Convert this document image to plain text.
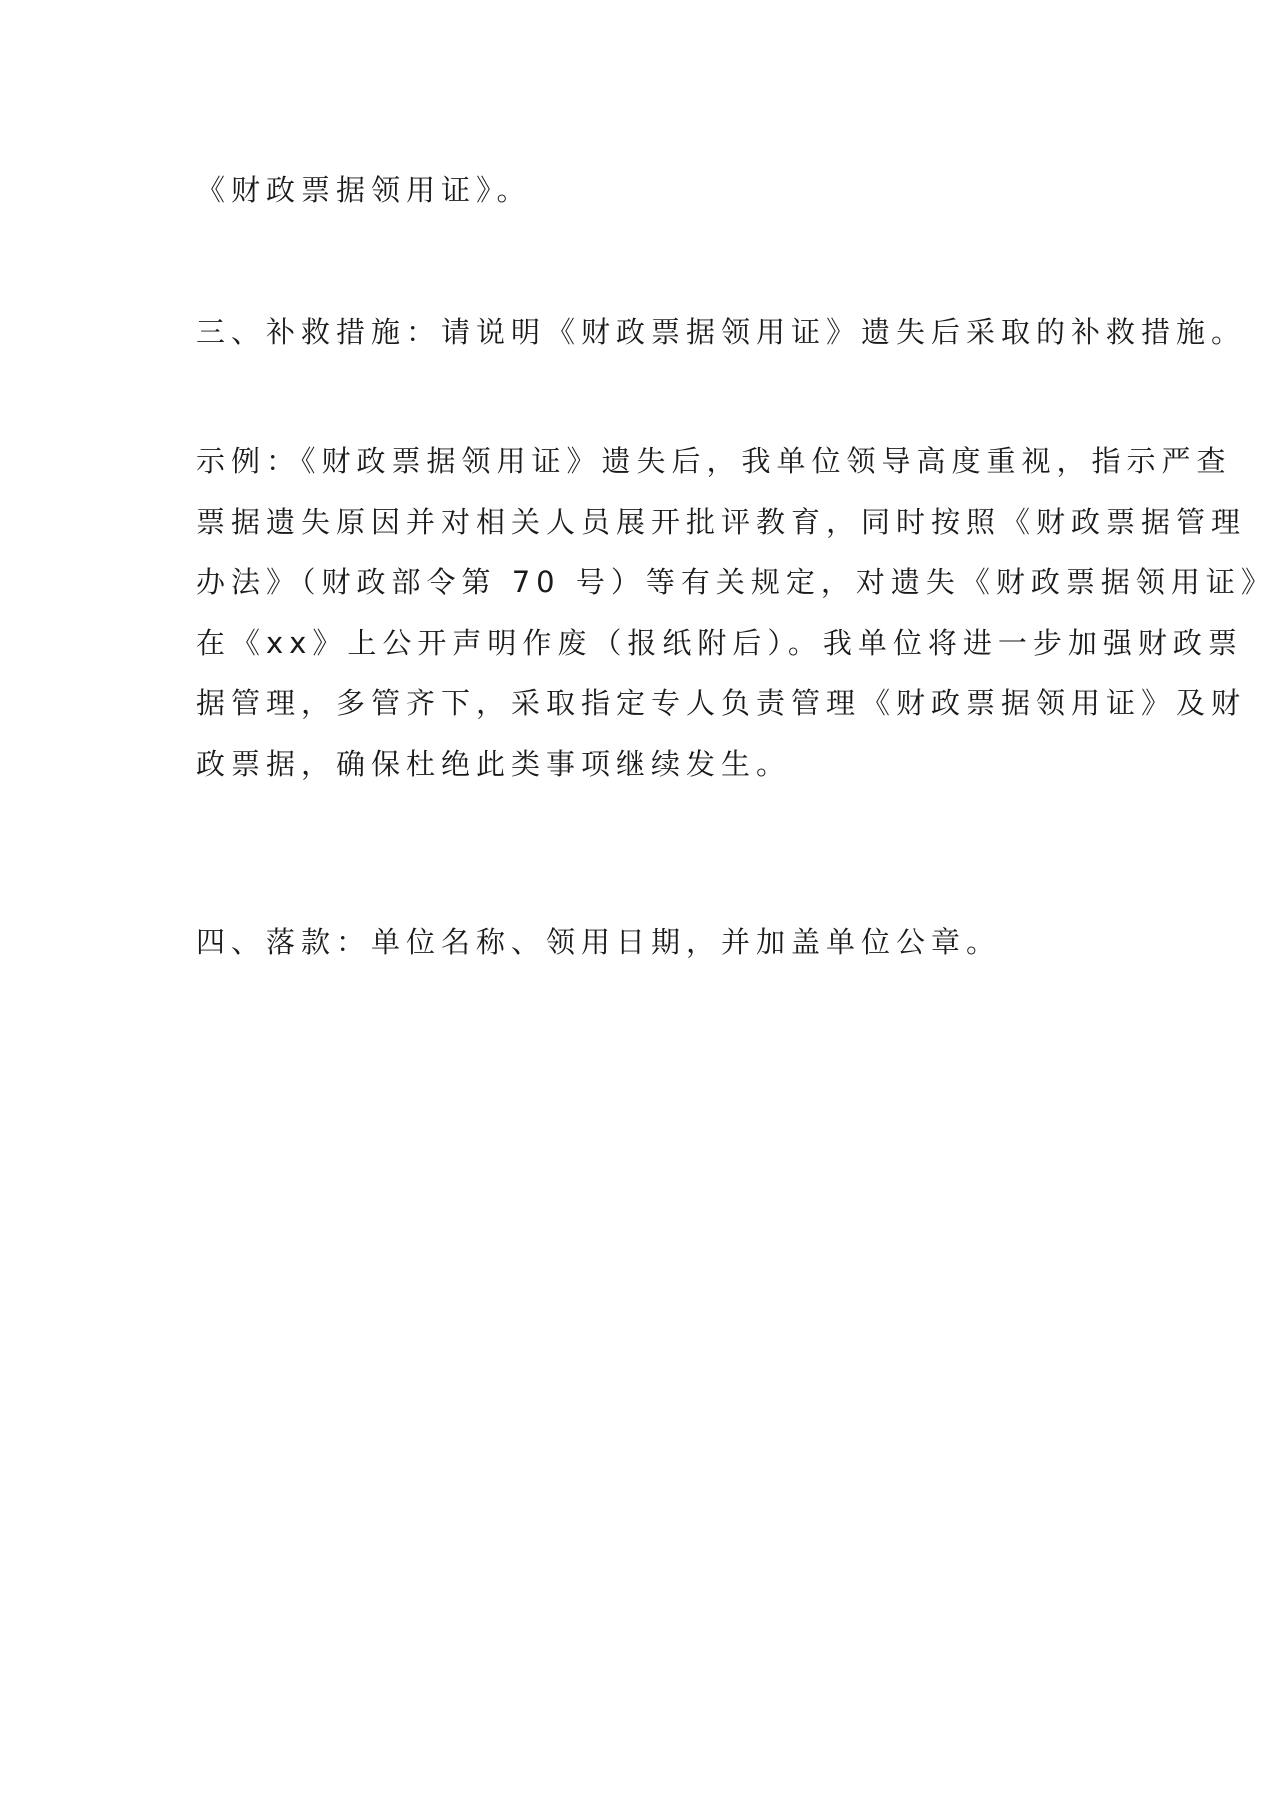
《财政票据领用证》。

三、补救措施：请说明《财政票据领用证》遗失后采取的补救措施。

示例：《财政票据领用证》遗失后，我单位领导高度重视，指示严查
票据遗失原因并对相关人员展开批评教育，同时按照《财政票据管理
办法》（财政部令第 70 号）等有关规定，对遗失《财政票据领用证》
在《xx》上公开声明作废（报纸附后）。我单位将进一步加强财政票
据管理，多管齐下，采取指定专人负责管理《财政票据领用证》及财
政票据，确保杜绝此类事项继续发生。

四、落款：单位名称、领用日期，并加盖单位公章。
